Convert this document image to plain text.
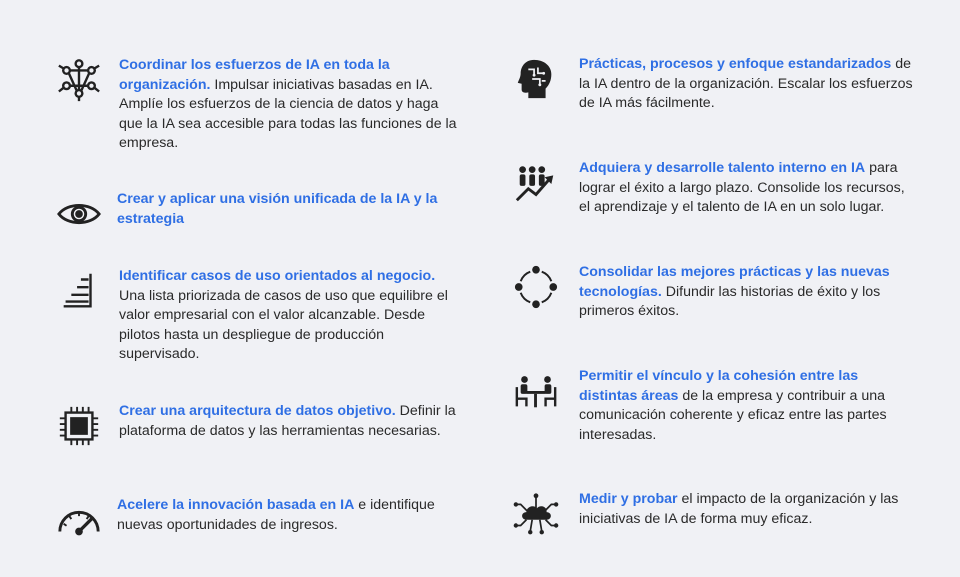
Coordinar los esfuerzos de IA en toda la organización. Impulsar iniciativas basadas en IA. Amplíe los esfuerzos de la ciencia de datos y haga que la IA sea accesible para todas las funciones de la empresa.
Crear y aplicar una visión unificada de la IA y la estrategia
Identificar casos de uso orientados al negocio. Una lista priorizada de casos de uso que equilibre el valor empresarial con el valor alcanzable. Desde pilotos hasta un despliegue de producción supervisado.
Crear una arquitectura de datos objetivo. Definir la plataforma de datos y las herramientas necesarias.
Acelere la innovación basada en IA e identifique nuevas oportunidades de ingresos.
Prácticas, procesos y enfoque estandarizados de la IA dentro de la organización. Escalar los esfuerzos de IA más fácilmente.
Adquiera y desarrolle talento interno en IA para lograr el éxito a largo plazo. Consolide los recursos, el aprendizaje y el talento de IA en un solo lugar.
Consolidar las mejores prácticas y las nuevas tecnologías. Difundir las historias de éxito y los primeros éxitos.
Permitir el vínculo y la cohesión entre las distintas áreas de la empresa y contribuir a una comunicación coherente y eficaz entre las partes interesadas.
Medir y probar el impacto de la organización y las iniciativas de IA de forma muy eficaz.
